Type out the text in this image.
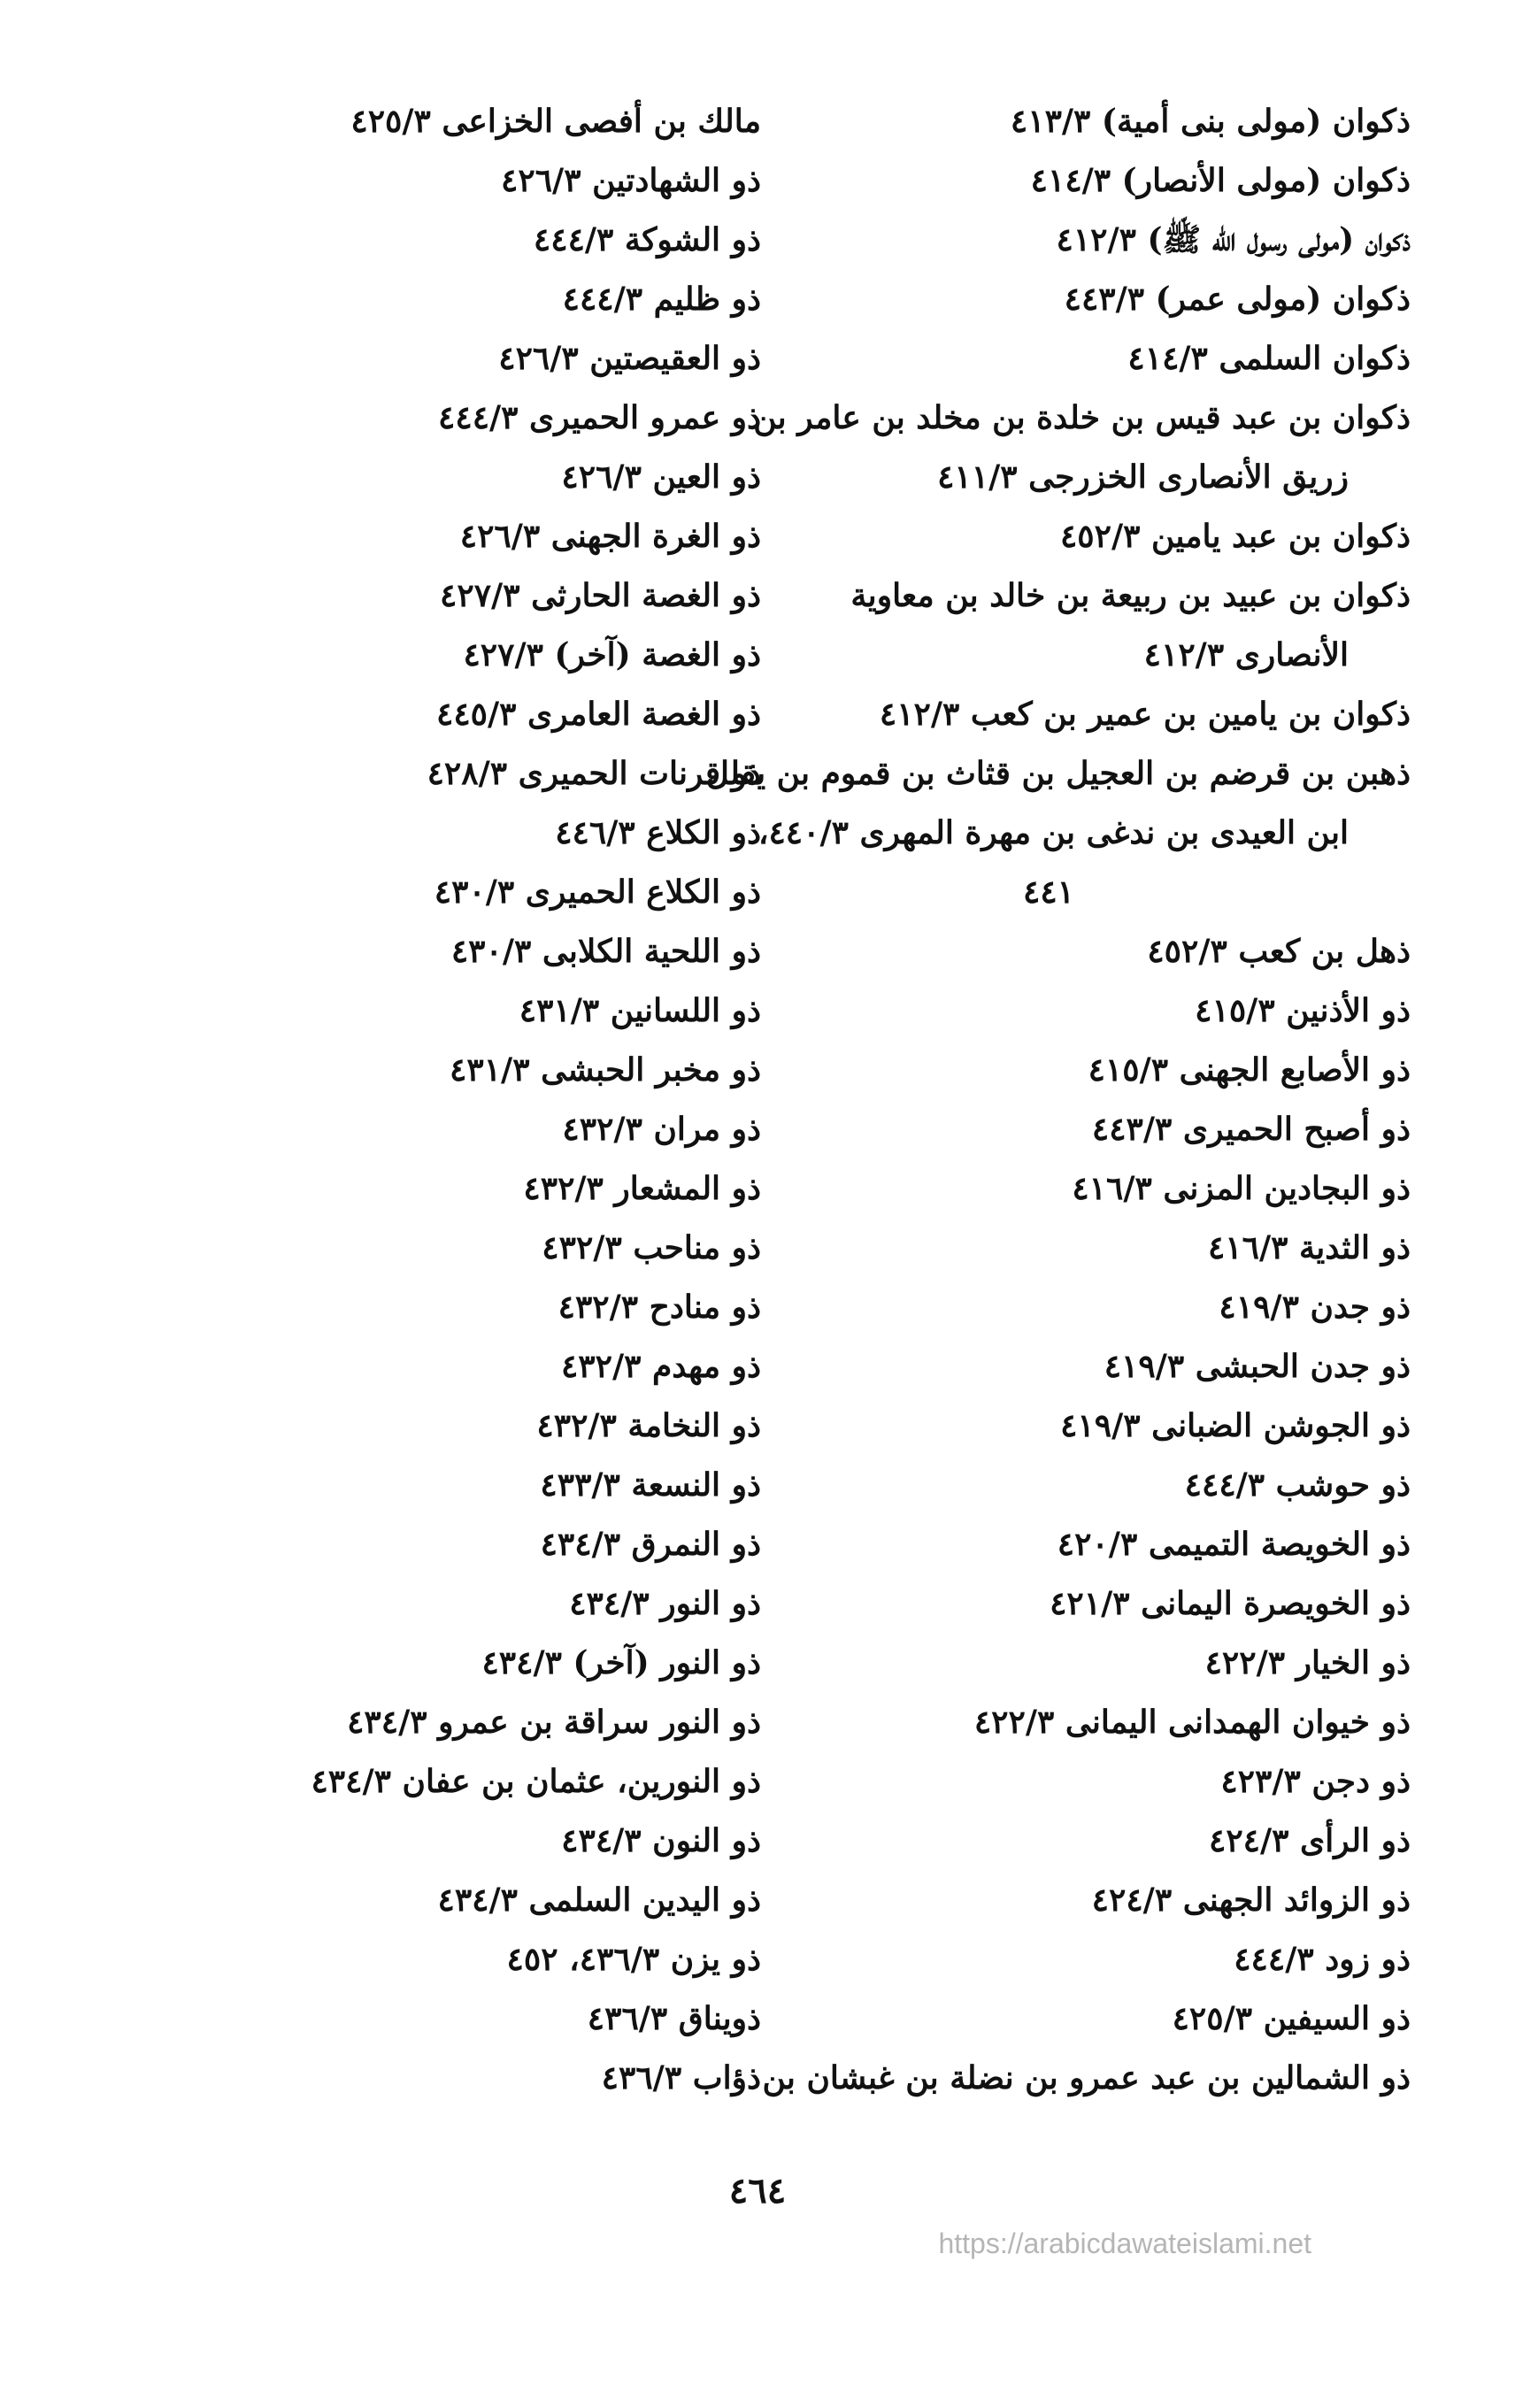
ذكوان (مولى بنى أمية) ٤١٣/٣
ذكوان (مولى الأنصار) ٤١٤/٣
ذكوان (مولى رسول الله ﷺ) ٤١٢/٣
ذكوان (مولى عمر) ٤٤٣/٣
ذكوان السلمى ٤١٤/٣
ذكوان بن عبد قيس بن خلدة بن مخلد بن عامر بن
زريق الأنصارى الخزرجى ٤١١/٣
ذكوان بن عبد يامين ٤٥٢/٣
ذكوان بن عبيد بن ربيعة بن خالد بن معاوية
الأنصارى ٤١٢/٣
ذكوان بن يامين بن عمير بن كعب ٤١٢/٣
ذهبن بن قرضم بن العجيل بن قثاث بن قموم بن يقلل
ابن العيدى بن ندغى بن مهرة المهرى ٤٤٠/٣،
٤٤١
ذهل بن كعب ٤٥٢/٣
ذو الأذنين ٤١٥/٣
ذو الأصابع الجهنى ٤١٥/٣
ذو أصبح الحميرى ٤٤٣/٣
ذو البجادين المزنى ٤١٦/٣
ذو الثدية ٤١٦/٣
ذو جدن ٤١٩/٣
ذو جدن الحبشى ٤١٩/٣
ذو الجوشن الضبانى ٤١٩/٣
ذو حوشب ٤٤٤/٣
ذو الخويصة التميمى ٤٢٠/٣
ذو الخويصرة اليمانى ٤٢١/٣
ذو الخيار ٤٢٢/٣
ذو خيوان الهمدانى اليمانى ٤٢٢/٣
ذو دجن ٤٢٣/٣
ذو الرأى ٤٢٤/٣
ذو الزوائد الجهنى ٤٢٤/٣
ذو زود ٤٤٤/٣
ذو السيفين ٤٢٥/٣
ذو الشمالين بن عبد عمرو بن نضلة بن غبشان بن
مالك بن أفصى الخزاعى ٤٢٥/٣
ذو الشهادتين ٤٢٦/٣
ذو الشوكة ٤٤٤/٣
ذو ظليم ٤٤٤/٣
ذو العقيصتين ٤٢٦/٣
ذو عمرو الحميرى ٤٤٤/٣
ذو العين ٤٢٦/٣
ذو الغرة الجهنى ٤٢٦/٣
ذو الغصة الحارثى ٤٢٧/٣
ذو الغصة (آخر) ٤٢٧/٣
ذو الغصة العامرى ٤٤٥/٣
ذو قرنات الحميرى ٤٢٨/٣
ذو الكلاع ٤٤٦/٣
ذو الكلاع الحميرى ٤٣٠/٣
ذو اللحية الكلابى ٤٣٠/٣
ذو اللسانين ٤٣١/٣
ذو مخبر الحبشى ٤٣١/٣
ذو مران ٤٣٢/٣
ذو المشعار ٤٣٢/٣
ذو مناحب ٤٣٢/٣
ذو منادح ٤٣٢/٣
ذو مهدم ٤٣٢/٣
ذو النخامة ٤٣٢/٣
ذو النسعة ٤٣٣/٣
ذو النمرق ٤٣٤/٣
ذو النور ٤٣٤/٣
ذو النور (آخر) ٤٣٤/٣
ذو النور سراقة بن عمرو ٤٣٤/٣
ذو النورين، عثمان بن عفان ٤٣٤/٣
ذو النون ٤٣٤/٣
ذو اليدين السلمى ٤٣٤/٣
ذو يزن ٤٣٦/٣، ٤٥٢
ذويناق ٤٣٦/٣
ذؤاب ٤٣٦/٣
٤٦٤
https://arabicdawateislami.net
